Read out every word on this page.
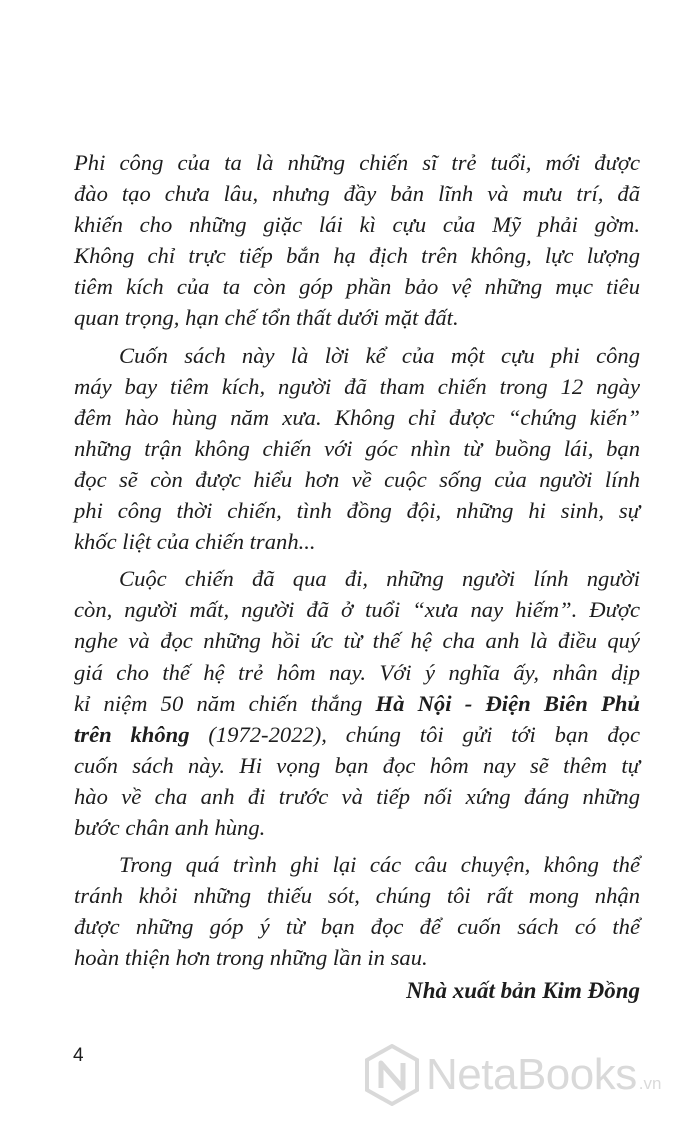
Phi công của ta là những chiến sĩ trẻ tuổi, mới được
đào tạo chưa lâu, nhưng đầy bản lĩnh và mưu trí, đã
khiến cho những giặc lái kì cựu của Mỹ phải gờm.
Không chỉ trực tiếp bắn hạ địch trên không, lực lượng
tiêm kích của ta còn góp phần bảo vệ những mục tiêu
quan trọng, hạn chế tổn thất dưới mặt đất.
Cuốn sách này là lời kể của một cựu phi công
máy bay tiêm kích, người đã tham chiến trong 12 ngày
đêm hào hùng năm xưa. Không chỉ được “chứng kiến”
những trận không chiến với góc nhìn từ buồng lái, bạn
đọc sẽ còn được hiểu hơn về cuộc sống của người lính
phi công thời chiến, tình đồng đội, những hi sinh, sự
khốc liệt của chiến tranh...
Cuộc chiến đã qua đi, những người lính người
còn, người mất, người đã ở tuổi “xưa nay hiếm”. Được
nghe và đọc những hồi ức từ thế hệ cha anh là điều quý
giá cho thế hệ trẻ hôm nay. Với ý nghĩa ấy, nhân dịp
kỉ niệm 50 năm chiến thắng Hà Nội - Điện Biên Phủ
trên không (1972-2022), chúng tôi gửi tới bạn đọc
cuốn sách này. Hi vọng bạn đọc hôm nay sẽ thêm tự
hào về cha anh đi trước và tiếp nối xứng đáng những
bước chân anh hùng.
Trong quá trình ghi lại các câu chuyện, không thể
tránh khỏi những thiếu sót, chúng tôi rất mong nhận
được những góp ý từ bạn đọc để cuốn sách có thể
hoàn thiện hơn trong những lần in sau.
Nhà xuất bản Kim Đồng
4	NetaBooks .vn
